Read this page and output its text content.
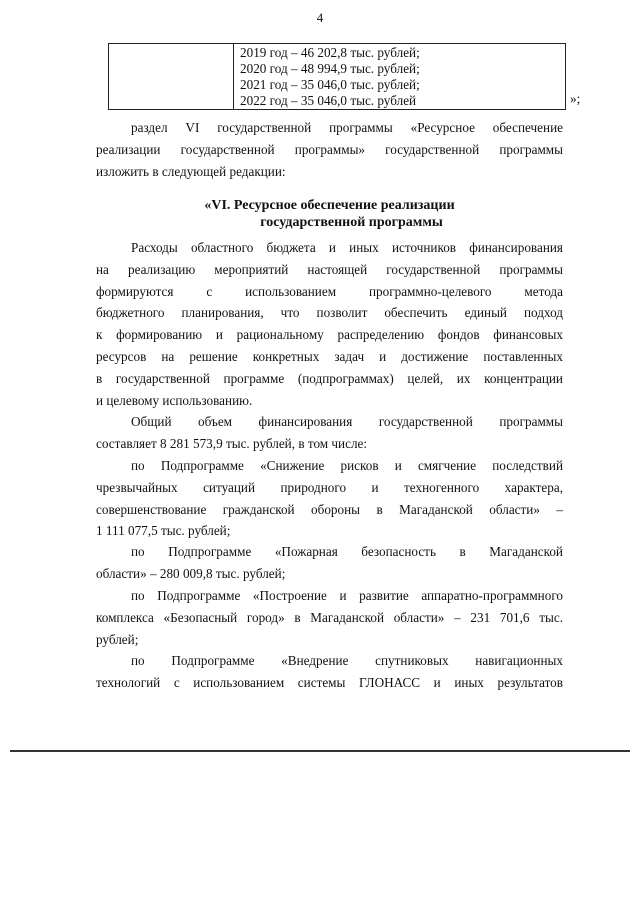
4

2019 год – 46 202,8 тыс. рублей;
2020 год – 48 994,9 тыс. рублей;
2021 год – 35 046,0 тыс. рублей;
2022 год – 35 046,0 тыс. рублей	»;
раздел VI государственной программы «Ресурсное обеспечение
реализации государственной программы» государственной программы
изложить в следующей редакции:
«VI. Ресурсное обеспечение реализации
государственной программы
Расходы областного бюджета и иных источников финансирования
на реализацию мероприятий настоящей государственной программы
формируются с использованием программно-целевого метода
бюджетного планирования, что позволит обеспечить единый подход
к формированию и рациональному распределению фондов финансовых
ресурсов на решение конкретных задач и достижение поставленных
в государственной программе (подпрограммах) целей, их концентрации
и целевому использованию.
Общий объем финансирования государственной программы
составляет 8 281 573,9 тыс. рублей, в том числе:
по Подпрограмме «Снижение рисков и смягчение последствий
чрезвычайных ситуаций природного и техногенного характера,
совершенствование гражданской обороны в Магаданской области» –
1 111 077,5 тыс. рублей;
по Подпрограмме «Пожарная безопасность в Магаданской
области» – 280 009,8 тыс. рублей;
по Подпрограмме «Построение и развитие аппаратно-программного
комплекса «Безопасный город» в Магаданской области» – 231 701,6 тыс.
рублей;
по Подпрограмме «Внедрение спутниковых навигационных
технологий с использованием системы ГЛОНАСС и иных результатов
